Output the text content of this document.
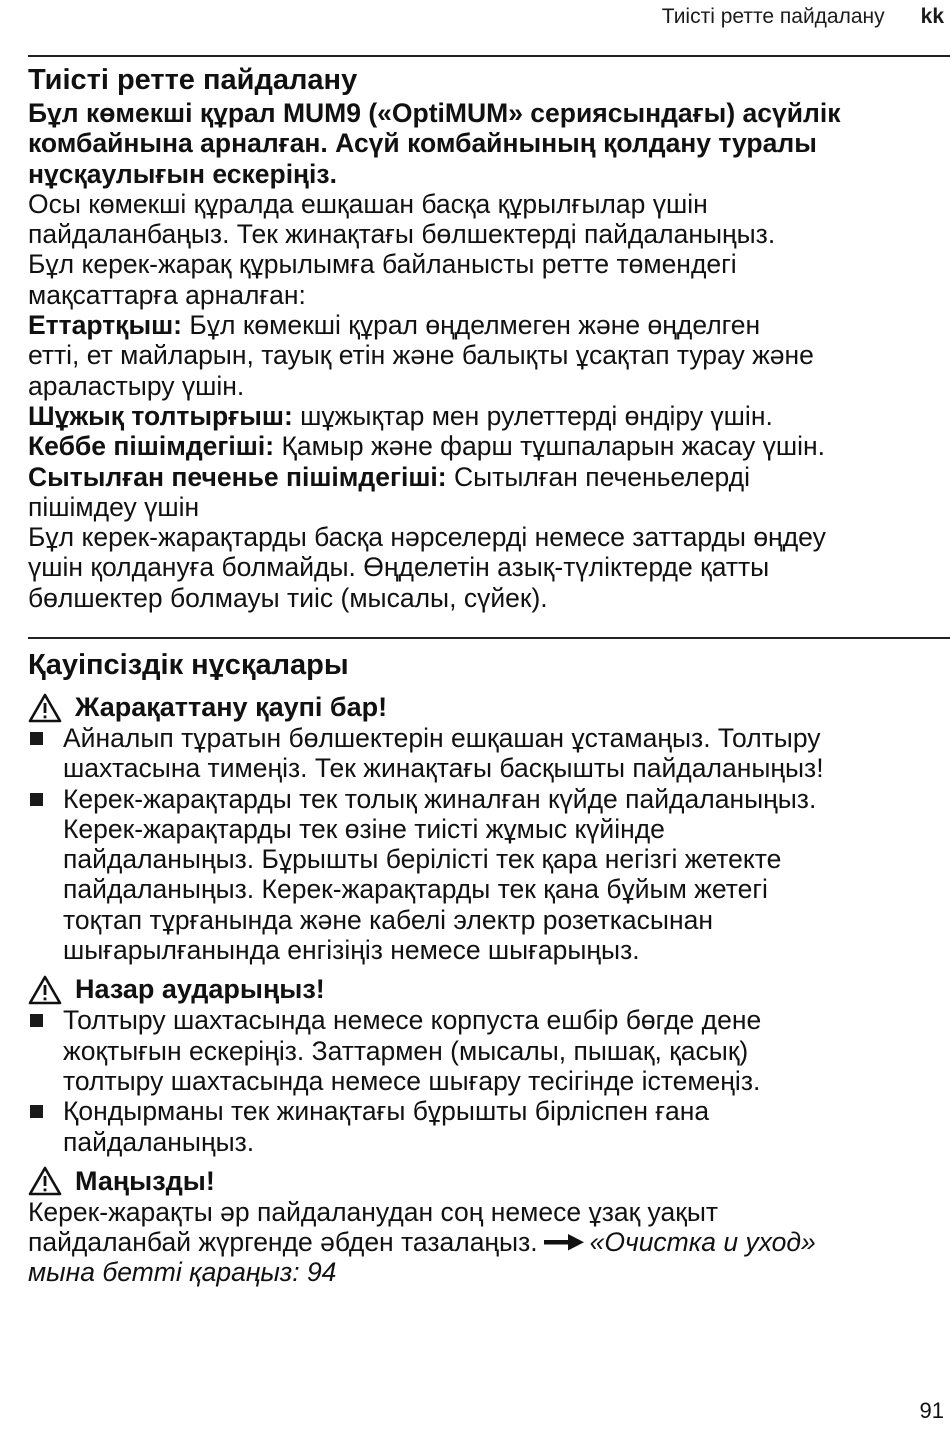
Тиісті ретте пайдалану kk
Тиісті ретте пайдалану

Бұл көмекші құрал MUM9 («OptiMUM» сериясындағы) асүйлік

комбайнына арналған. Асүй комбайнының қолдану туралы

нұсқаулығын ескеріңіз.

Осы көмекші құралда ешқашан басқа құрылғылар үшін

пайдаланбаңыз. Тек жинақтағы бөлшектерді пайдаланыңыз.

Бұл керек-жарақ құрылымға байланысты ретте төмендегі

мақсаттарға арналған:

Еттартқыш: Бұл көмекші құрал өңделмеген және өңделген

етті, ет майларын, тауық етін және балықты ұсақтап турау және

араластыру үшін.

Шұжық толтырғыш: шұжықтар мен рулеттерді өндіру үшін.

Кеббе пішімдегіші: Қамыр және фарш тұшпаларын жасау үшін.

Сытылған печенье пішімдегіші: Сытылған печеньелерді

пішімдеу үшін

Бұл керек-жарақтарды басқа нәрселерді немесе заттарды өңдеу

үшін қолдануға болмайды. Өңделетін азық-түліктерде қатты

бөлшектер болмауы тиіс (мысалы, сүйек).

Қауіпсіздік нұсқалары
Жарақаттану қаупі бар!
Айналып тұратын бөлшектерін ешқашан ұстамаңыз. Толтыру
шахтасына тимеңіз. Тек жинақтағы басқышты пайдаланыңыз!
Керек-жарақтарды тек толық жиналған күйде пайдаланыңыз.
Керек-жарақтарды тек өзіне тиісті жұмыс күйінде
пайдаланыңыз. Бұрышты берілісті тек қара негізгі жетекте
пайдаланыңыз. Керек-жарақтарды тек қана бұйым жетегі
тоқтап тұрғанында және кабелі электр розеткасынан
шығарылғанында енгізіңіз немесе шығарыңыз.
Назар аударыңыз!
Толтыру шахтасында немесе корпуста ешбір бөгде дене
жоқтығын ескеріңіз. Заттармен (мысалы, пышақ, қасық)
толтыру шахтасында немесе шығару тесігінде істемеңіз.
Қондырманы тек жинақтағы бұрышты бірліспен ғана
пайдаланыңыз.
Маңызды!

Керек-жарақты әр пайдаланудан соң немесе ұзақ уақыт

пайдаланбай жүргенде әбден тазалаңыз. «Очистка и уход»

мына бетті қараңыз: 94

91
